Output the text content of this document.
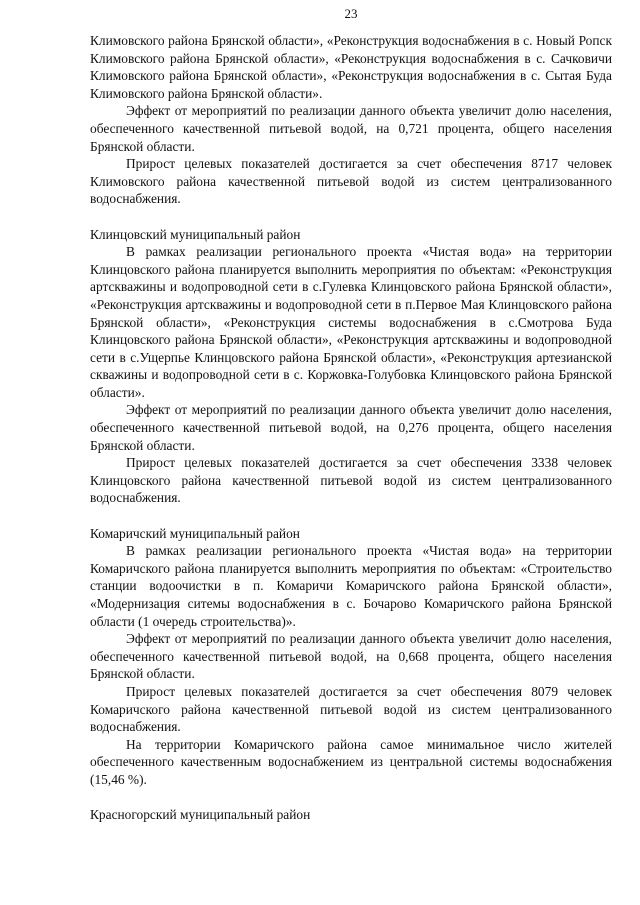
23

Климовского района Брянской области», «Реконструкция водоснабжения в с. Новый Ропск Климовского района Брянской области», «Реконструкция водоснабжения в с. Сачковичи Климовского района Брянской области», «Реконструкция водоснабжения в с. Сытая Буда Климовского района Брянской области».

Эффект от мероприятий по реализации данного объекта увеличит долю населения, обеспеченного качественной питьевой водой, на 0,721 процента, общего населения Брянской области.

Прирост целевых показателей достигается за счет обеспечения 8717 человек Климовского района качественной питьевой водой из систем централизованного водоснабжения.

Клинцовский муниципальный район

В рамках реализации регионального проекта «Чистая вода» на территории Клинцовского района планируется выполнить мероприятия по объектам: «Реконструкция артскважины и водопроводной сети в с.Гулевка Клинцовского района Брянской области», «Реконструкция артскважины и водопроводной сети в п.Первое Мая Клинцовского района Брянской области», «Реконструкция системы водоснабжения в с.Смотрова Буда Клинцовского района Брянской области», «Реконструкция артскважины и водопроводной сети в с.Ущерпье Клинцовского района Брянской области», «Реконструкция артезианской скважины и водопроводной сети в с. Коржовка-Голубовка Клинцовского района Брянской области».

Эффект от мероприятий по реализации данного объекта увеличит долю населения, обеспеченного качественной питьевой водой, на 0,276 процента, общего населения Брянской области.

Прирост целевых показателей достигается за счет обеспечения 3338 человек Клинцовского района качественной питьевой водой из систем централизованного водоснабжения.

Комаричский муниципальный район

В рамках реализации регионального проекта «Чистая вода» на территории Комаричского района планируется выполнить мероприятия по объектам: «Строительство станции водоочистки в п. Комаричи Комаричского района Брянской области», «Модернизация ситемы водоснабжения в с. Бочарово Комаричского района Брянской области (1 очередь строительства)».

Эффект от мероприятий по реализации данного объекта увеличит долю населения, обеспеченного качественной питьевой водой, на 0,668 процента, общего населения Брянской области.

Прирост целевых показателей достигается за счет обеспечения 8079 человек Комаричского района качественной питьевой водой из систем централизованного водоснабжения.

На территории Комаричского района самое минимальное число жителей обеспеченного качественным водоснабжением из центральной системы водоснабжения (15,46 %).

Красногорский муниципальный район
